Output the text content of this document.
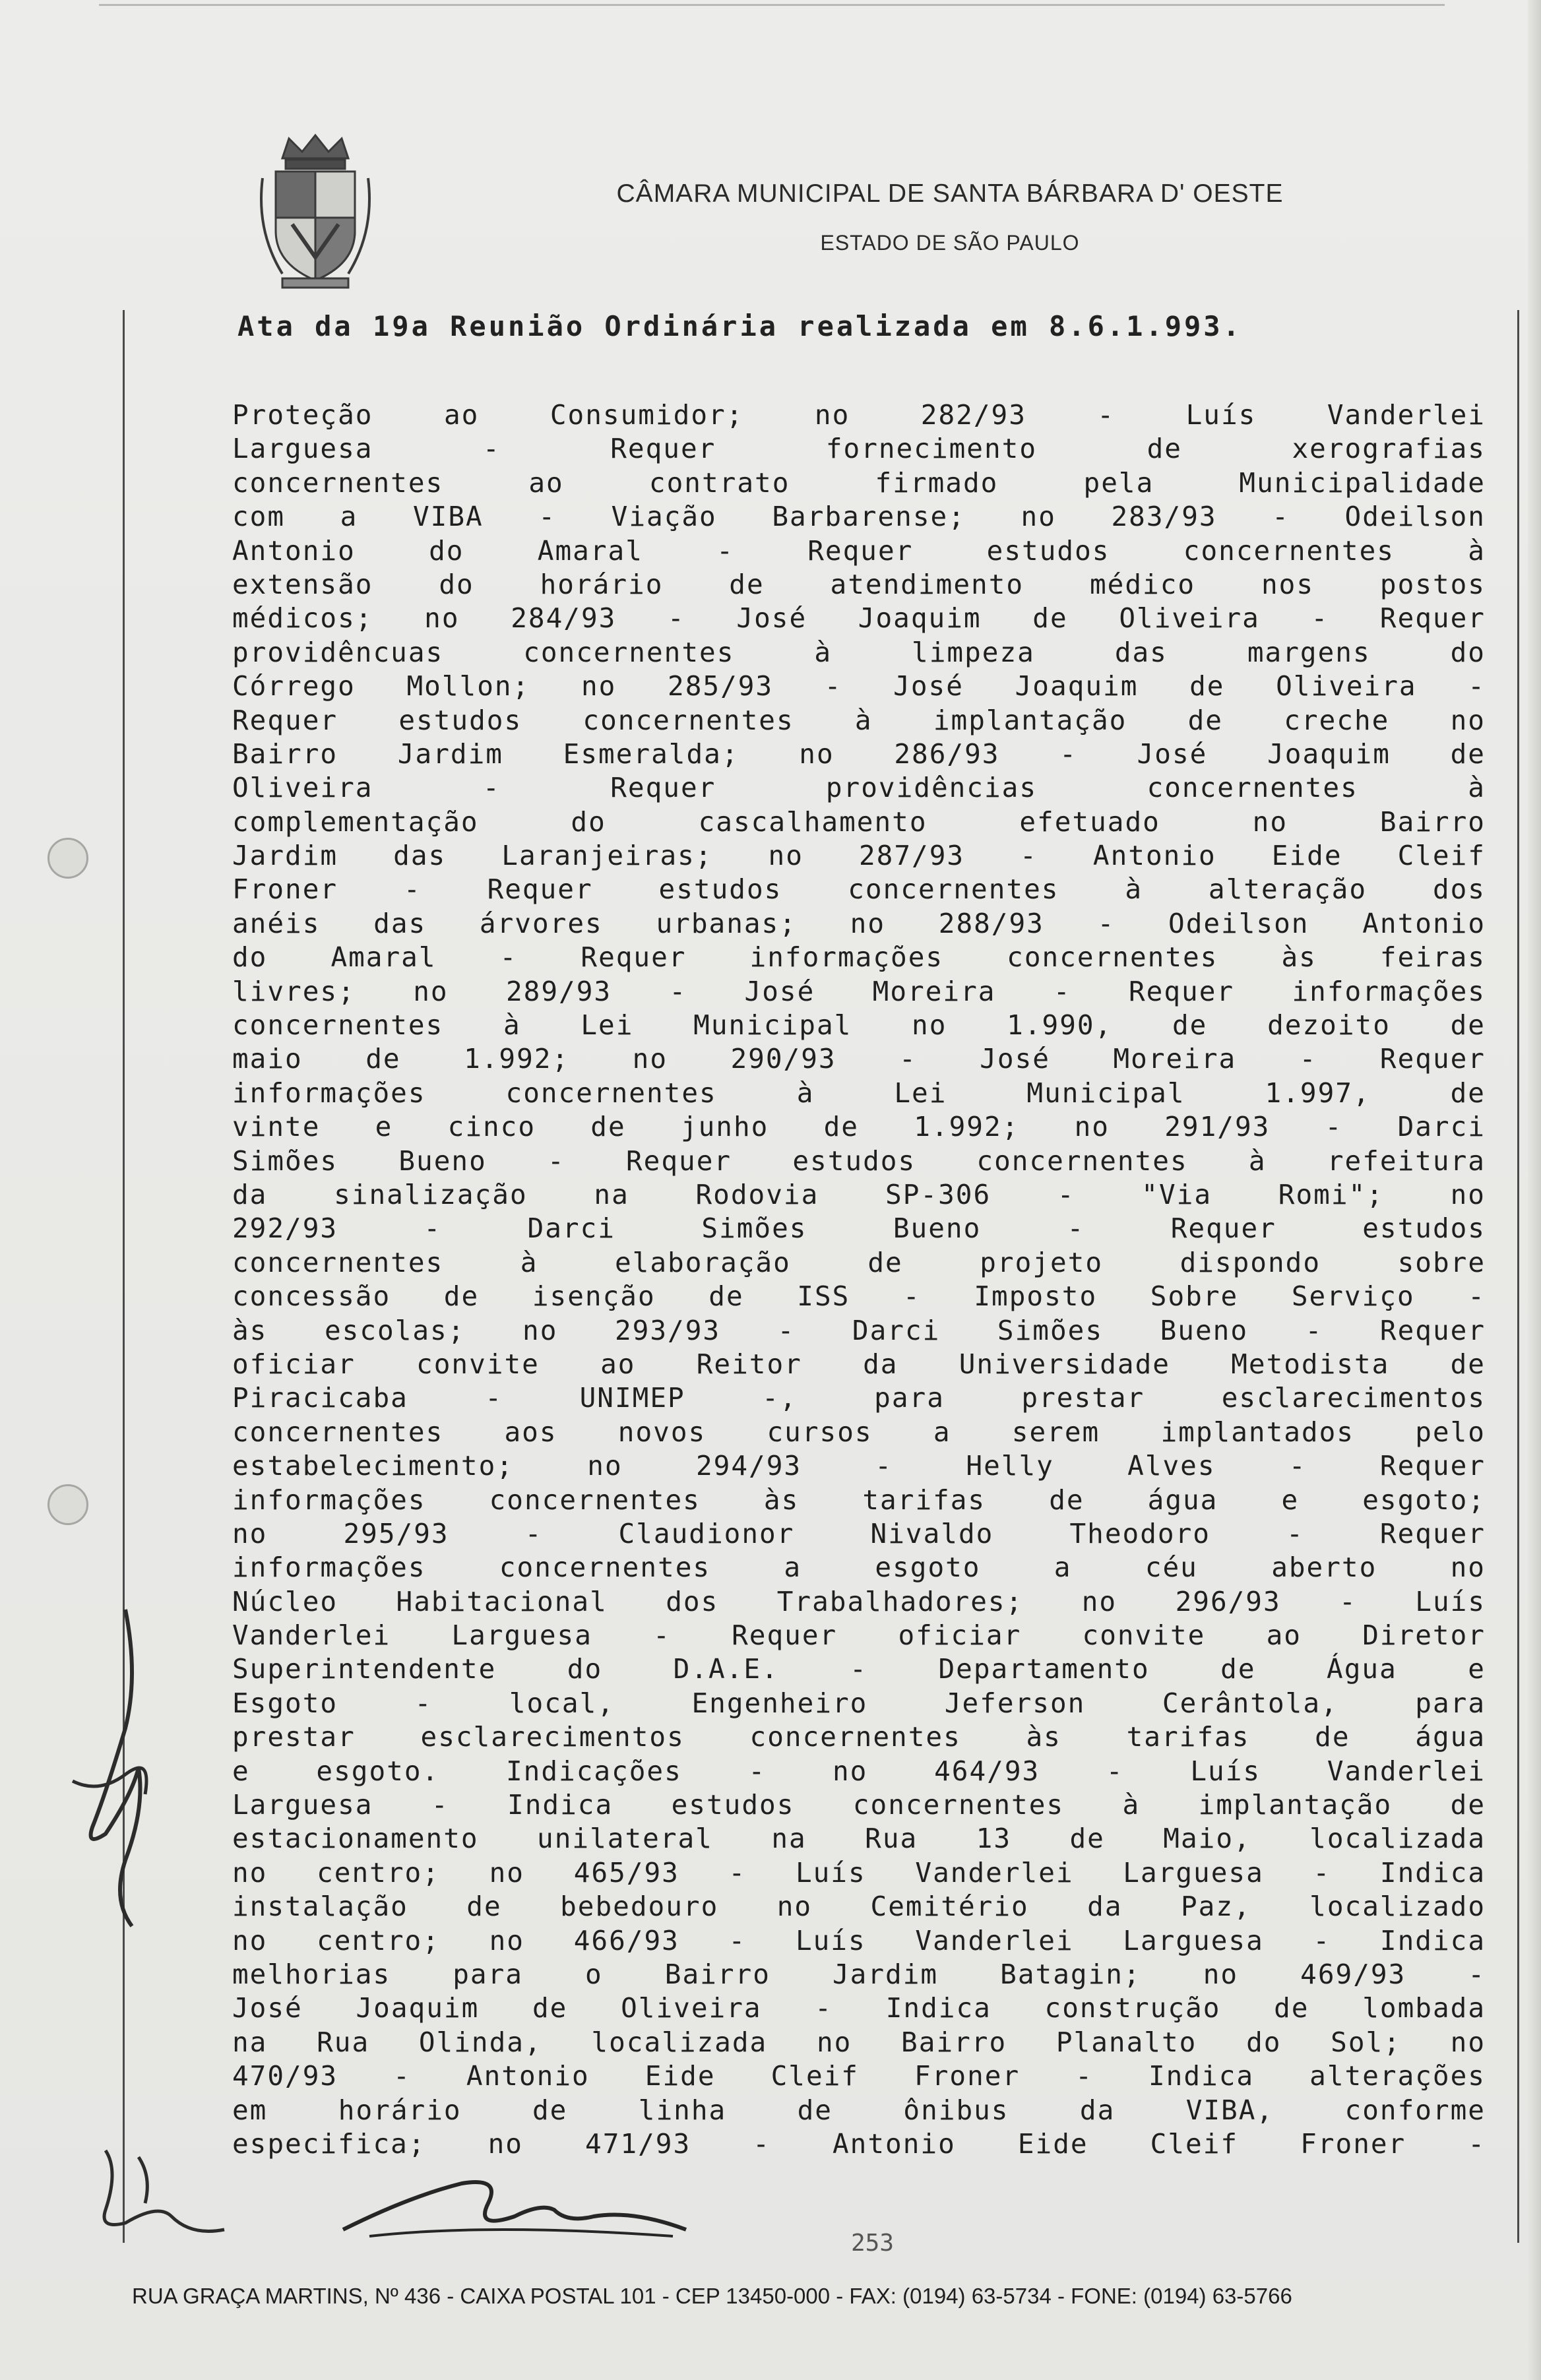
CÂMARA MUNICIPAL DE SANTA BÁRBARA D' OESTE
ESTADO DE SÃO PAULO
Ata da 19a Reunião Ordinária realizada em 8.6.1.993.
Proteção ao Consumidor; no 282/93 - Luís Vanderlei
Larguesa - Requer fornecimento de xerografias
concernentes ao contrato firmado pela Municipalidade
com a VIBA - Viação Barbarense; no 283/93 - Odeilson
Antonio do Amaral - Requer estudos concernentes à
extensão do horário de atendimento médico nos postos
médicos; no 284/93 - José Joaquim de Oliveira - Requer
providêncuas concernentes à limpeza das margens do
Córrego Mollon; no 285/93 - José Joaquim de Oliveira -
Requer estudos concernentes à implantação de creche no
Bairro Jardim Esmeralda; no 286/93 - José Joaquim de
Oliveira - Requer providências concernentes à
complementação do cascalhamento efetuado no Bairro
Jardim das Laranjeiras; no 287/93 - Antonio Eide Cleif
Froner - Requer estudos concernentes à alteração dos
anéis das árvores urbanas; no 288/93 - Odeilson Antonio
do Amaral - Requer informações concernentes às feiras
livres; no 289/93 - José Moreira - Requer informações
concernentes à Lei Municipal no 1.990, de dezoito de
maio de 1.992; no 290/93 - José Moreira - Requer
informações concernentes à Lei Municipal 1.997, de
vinte e cinco de junho de 1.992; no 291/93 - Darci
Simões Bueno - Requer estudos concernentes à refeitura
da sinalização na Rodovia SP-306 - "Via Romi"; no
292/93 - Darci Simões Bueno - Requer estudos
concernentes à elaboração de projeto dispondo sobre
concessão de isenção de ISS - Imposto Sobre Serviço -
às escolas; no 293/93 - Darci Simões Bueno - Requer
oficiar convite ao Reitor da Universidade Metodista de
Piracicaba - UNIMEP -, para prestar esclarecimentos
concernentes aos novos cursos a serem implantados pelo
estabelecimento; no 294/93 - Helly Alves - Requer
informações concernentes às tarifas de água e esgoto;
no 295/93 - Claudionor Nivaldo Theodoro - Requer
informações concernentes a esgoto a céu aberto no
Núcleo Habitacional dos Trabalhadores; no 296/93 - Luís
Vanderlei Larguesa - Requer oficiar convite ao Diretor
Superintendente do D.A.E. - Departamento de Água e
Esgoto - local, Engenheiro Jeferson Cerântola, para
prestar esclarecimentos concernentes às tarifas de água
e esgoto. Indicações - no 464/93 - Luís Vanderlei
Larguesa - Indica estudos concernentes à implantação de
estacionamento unilateral na Rua 13 de Maio, localizada
no centro; no 465/93 - Luís Vanderlei Larguesa - Indica
instalação de bebedouro no Cemitério da Paz, localizado
no centro; no 466/93 - Luís Vanderlei Larguesa - Indica
melhorias para o Bairro Jardim Batagin; no 469/93 -
José Joaquim de Oliveira - Indica construção de lombada
na Rua Olinda, localizada no Bairro Planalto do Sol; no
470/93 - Antonio Eide Cleif Froner - Indica alterações
em horário de linha de ônibus da VIBA, conforme
especifica; no 471/93 - Antonio Eide Cleif Froner -
253
RUA GRAÇA MARTINS, Nº 436 - CAIXA POSTAL 101 - CEP 13450-000 - FAX: (0194) 63-5734 - FONE: (0194) 63-5766
